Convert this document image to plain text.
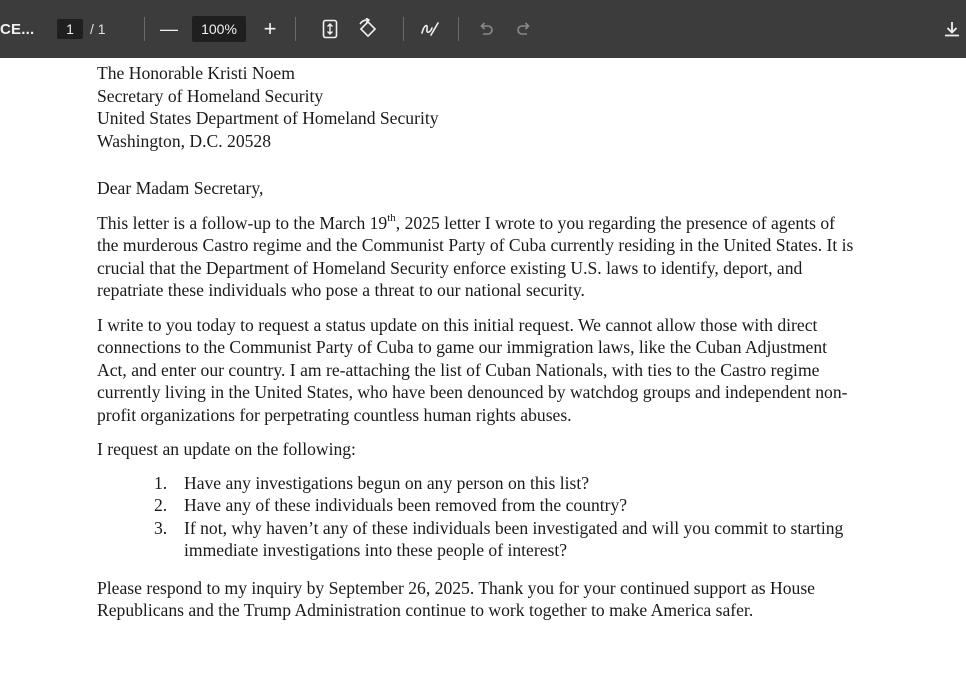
CE...	1	/ 1	—	100%	+
The Honorable Kristi Noem
Secretary of Homeland Security
United States Department of Homeland Security
Washington, D.C. 20528
Dear Madam Secretary,

This letter is a follow-up to the March 19th, 2025 letter I wrote to you regarding the presence of agents of the murderous Castro regime and the Communist Party of Cuba currently residing in the United States. It is crucial that the Department of Homeland Security enforce existing U.S. laws to identify, deport, and repatriate these individuals who pose a threat to our national security.

I write to you today to request a status update on this initial request. We cannot allow those with direct connections to the Communist Party of Cuba to game our immigration laws, like the Cuban Adjustment Act, and enter our country. I am re-attaching the list of Cuban Nationals, with ties to the Castro regime currently living in the United States, who have been denounced by watchdog groups and independent non-profit organizations for perpetrating countless human rights abuses.

I request an update on the following:

1. Have any investigations begun on any person on this list?
2. Have any of these individuals been removed from the country?
3. If not, why haven’t any of these individuals been investigated and will you commit to starting immediate investigations into these people of interest?

Please respond to my inquiry by September 26, 2025. Thank you for your continued support as House Republicans and the Trump Administration continue to work together to make America safer.
